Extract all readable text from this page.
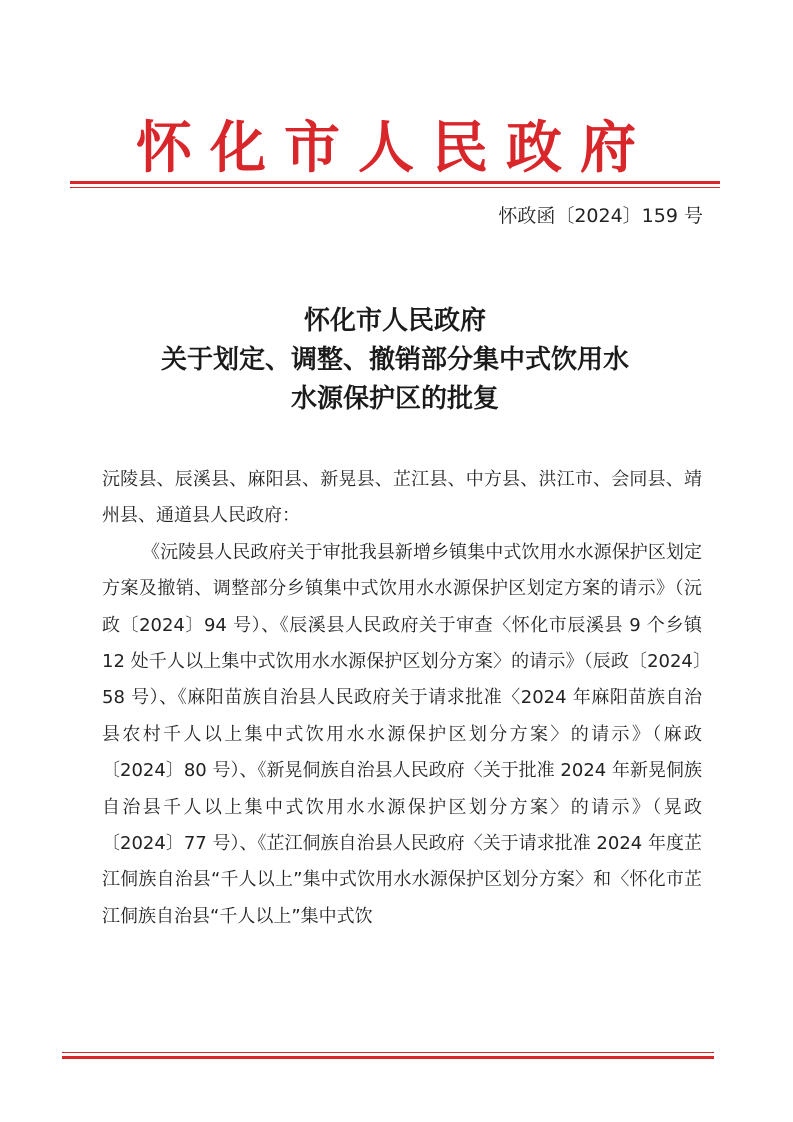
怀化市人民政府
怀政函〔2024〕159 号
怀化市人民政府
关于划定、调整、撤销部分集中式饮用水
水源保护区的批复

沅陵县、辰溪县、麻阳县、新晃县、芷江县、中方县、洪江市、会同县、靖州县、通道县人民政府：

《沅陵县人民政府关于审批我县新增乡镇集中式饮用水水源保护区划定方案及撤销、调整部分乡镇集中式饮用水水源保护区划定方案的请示》（沅政〔2024〕94 号）、《辰溪县人民政府关于审查〈怀化市辰溪县 9 个乡镇 12 处千人以上集中式饮用水水源保护区划分方案〉的请示》（辰政〔2024〕58 号）、《麻阳苗族自治县人民政府关于请求批准〈2024 年麻阳苗族自治县农村千人以上集中式饮用水水源保护区划分方案〉的请示》（麻政〔2024〕80 号）、《新晃侗族自治县人民政府〈关于批准 2024 年新晃侗族自治县千人以上集中式饮用水水源保护区划分方案〉的请示》（晃政〔2024〕77 号）、《芷江侗族自治县人民政府〈关于请求批准 2024 年度芷江侗族自治县“千人以上”集中式饮用水水源保护区划分方案〉和〈怀化市芷江侗族自治县“千人以上”集中式饮
